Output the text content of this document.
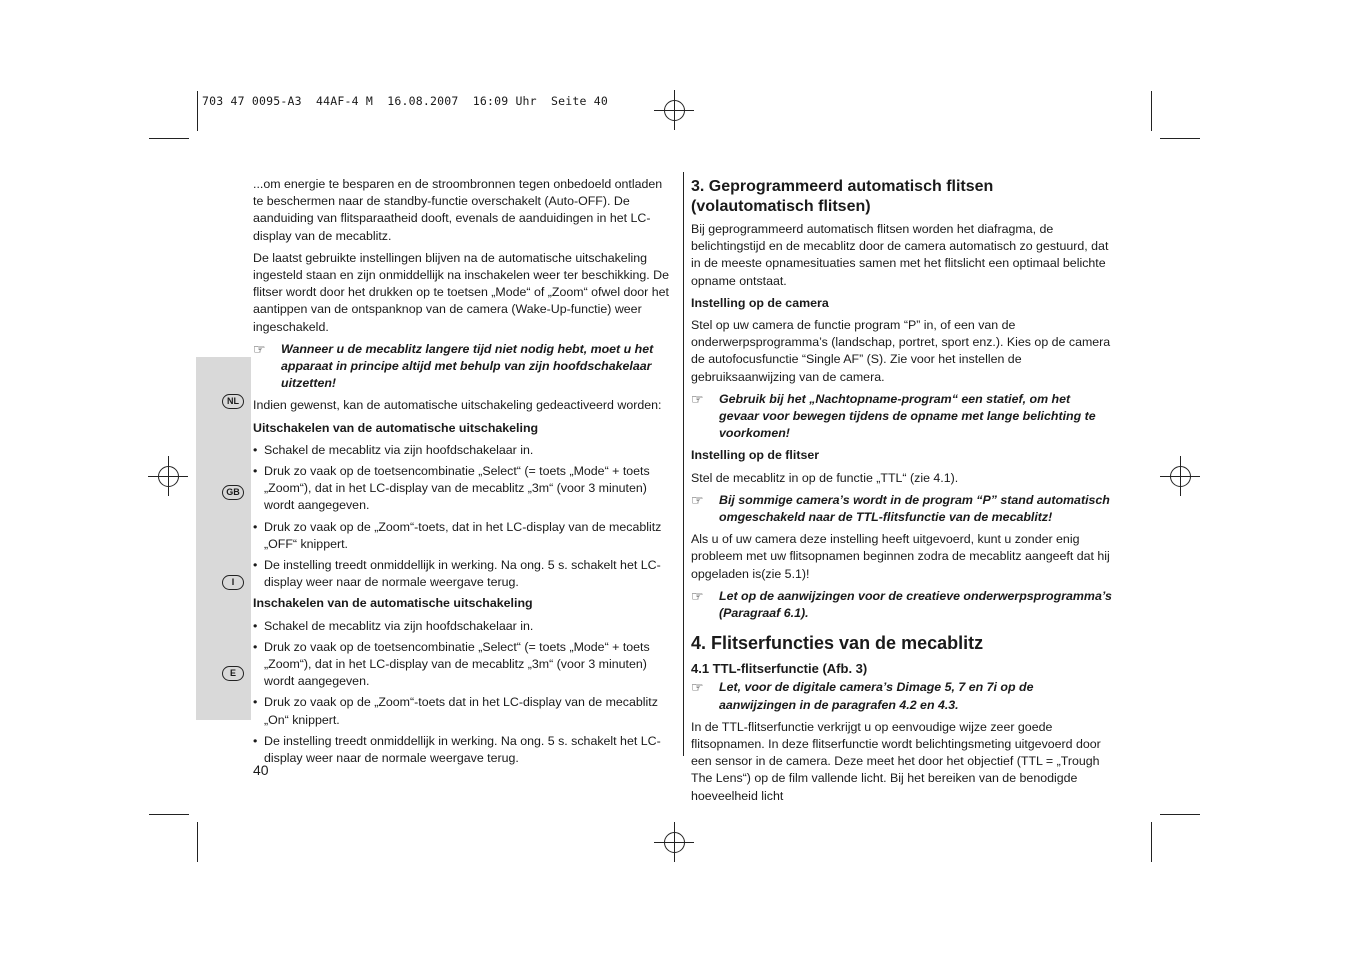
703 47 0095-A3  44AF-4 M  16.08.2007  16:09 Uhr  Seite 40
NL
GB
I
E

...om energie te besparen en de stroombronnen tegen onbedoeld ontladen te beschermen naar de standby-functie overschakelt (Auto-OFF). De aanduiding van flitsparaatheid dooft, evenals de aanduidingen in het LC-display van de mecablitz.

De laatst gebruikte instellingen blijven na de automatische uitschakeling ingesteld staan en zijn onmiddellijk na inschakelen weer ter beschikking. De flitser wordt door het drukken op te toetsen „Mode“ of „Zoom“ ofwel door het aantippen van de ontspanknop van de camera (Wake-Up-functie) weer ingeschakeld.

☞	Wanneer u de mecablitz langere tijd niet nodig hebt, moet u het apparaat in principe altijd met behulp van zijn hoofdschakelaar uitzetten!

Indien gewenst, kan de automatische uitschakeling gedeactiveerd worden:

Uitschakelen van de automatische uitschakeling
• Schakel de mecablitz via zijn hoofdschakelaar in.
• Druk zo vaak op de toetsencombinatie „Select“ (= toets „Mode“ + toets „Zoom“), dat in het LC-display van de mecablitz „3m“ (voor 3 minuten) wordt aangegeven.
• Druk zo vaak op de „Zoom“-toets, dat in het LC-display van de mecablitz „OFF“ knippert.
• De instelling treedt onmiddellijk in werking. Na ong. 5 s. schakelt het LC-display weer naar de normale weergave terug.
Inschakelen van de automatische uitschakeling
• Schakel de mecablitz via zijn hoofdschakelaar in.
• Druk zo vaak op de toetsencombinatie „Select“ (= toets „Mode“ + toets „Zoom“), dat in het LC-display van de mecablitz „3m“ (voor 3 minuten) wordt aangegeven.
• Druk zo vaak op de „Zoom“-toets dat in het LC-display van de mecablitz „On“ knippert.
• De instelling treedt onmiddellijk in werking. Na ong. 5 s. schakelt het LC-display weer naar de normale weergave terug.
3. Geprogrammeerd automatisch flitsen (volautomatisch flitsen)

Bij geprogrammeerd automatisch flitsen worden het diafragma, de belichtingstijd en de mecablitz door de camera automatisch zo gestuurd, dat in de meeste opnamesituaties samen met het flitslicht een optimaal belichte opname ontstaat.

Instelling op de camera

Stel op uw camera de functie program “P” in, of een van de onderwerpsprogramma’s (landschap, portret, sport enz.). Kies op de camera de autofocusfunctie “Single AF” (S). Zie voor het instellen de gebruiksaanwijzing van de camera.

☞	Gebruik bij het „Nachtopname-program“ een statief, om het gevaar voor bewegen tijdens de opname met lange belichting te voorkomen!
Instelling op de flitser

Stel de mecablitz in op de functie „TTL“ (zie 4.1).

☞	Bij sommige camera’s wordt in de program “P” stand automatisch omgeschakeld naar de TTL-flitsfunctie van de mecablitz!

Als u of uw camera deze instelling heeft uitgevoerd, kunt u zonder enig probleem met uw flitsopnamen beginnen zodra de mecablitz aangeeft dat hij opgeladen is(zie 5.1)!

☞	Let op de aanwijzingen voor de creatieve onderwerpsprogramma’s (Paragraaf 6.1).
4. Flitserfuncties van de mecablitz
4.1 TTL-flitserfunctie (Afb. 3)
☞	Let, voor de digitale camera’s Dimage 5, 7 en 7i op de aanwijzingen in de paragrafen 4.2 en 4.3.

In de TTL-flitserfunctie verkrijgt u op eenvoudige wijze zeer goede flitsopnamen. In deze flitserfunctie wordt belichtingsmeting uitgevoerd door een sensor in de camera. Deze meet het door het objectief (TTL = „Trough The Lens“) op de film vallende licht. Bij het bereiken van de benodigde hoeveelheid licht

40
